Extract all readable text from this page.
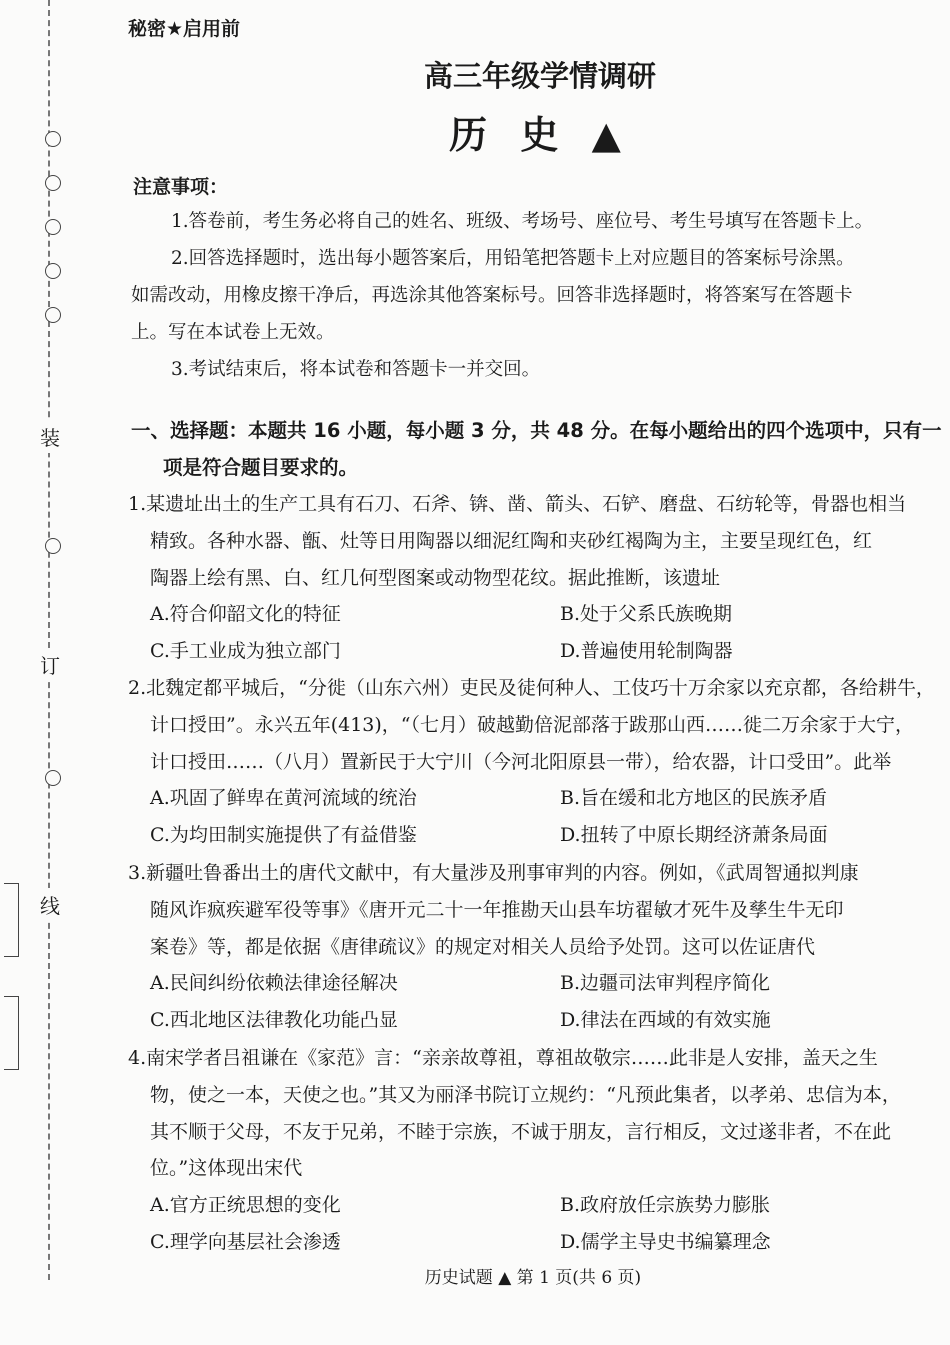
装
订
线
秘密★启用前
高三年级学情调研
历 史 ▲
注意事项：
1.答卷前，考生务必将自己的姓名、班级、考场号、座位号、考生号填写在答题卡上。
2.回答选择题时，选出每小题答案后，用铅笔把答题卡上对应题目的答案标号涂黑。
如需改动，用橡皮擦干净后，再选涂其他答案标号。回答非选择题时，将答案写在答题卡
上。写在本试卷上无效。
3.考试结束后，将本试卷和答题卡一并交回。
一、选择题：本题共 16 小题，每小题 3 分，共 48 分。在每小题给出的四个选项中，只有一
项是符合题目要求的。
1.某遗址出土的生产工具有石刀、石斧、锛、凿、箭头、石铲、磨盘、石纺轮等，骨器也相当
精致。各种水器、甑、灶等日用陶器以细泥红陶和夹砂红褐陶为主，主要呈现红色，红
陶器上绘有黑、白、红几何型图案或动物型花纹。据此推断，该遗址
A.符合仰韶文化的特征	B.处于父系氏族晚期
C.手工业成为独立部门	D.普遍使用轮制陶器
2.北魏定都平城后，“分徙（山东六州）吏民及徒何种人、工伎巧十万余家以充京都，各给耕牛，
计口授田”。永兴五年(413)，“（七月）破越勤倍泥部落于跋那山西……徙二万余家于大宁，
计口授田……（八月）置新民于大宁川（今河北阳原县一带），给农器，计口受田”。此举
A.巩固了鲜卑在黄河流域的统治	B.旨在缓和北方地区的民族矛盾
C.为均田制实施提供了有益借鉴	D.扭转了中原长期经济萧条局面
3.新疆吐鲁番出土的唐代文献中，有大量涉及刑事审判的内容。例如，《武周智通拟判康
随风诈疯疾避军役等事》《唐开元二十一年推勘天山县车坊翟敏才死牛及孳生牛无印
案卷》等，都是依据《唐律疏议》的规定对相关人员给予处罚。这可以佐证唐代
A.民间纠纷依赖法律途径解决	B.边疆司法审判程序简化
C.西北地区法律教化功能凸显	D.律法在西域的有效实施
4.南宋学者吕祖谦在《家范》言：“亲亲故尊祖，尊祖故敬宗……此非是人安排，盖天之生
物，使之一本，天使之也。”其又为丽泽书院订立规约：“凡预此集者，以孝弟、忠信为本，
其不顺于父母，不友于兄弟，不睦于宗族，不诚于朋友，言行相反，文过遂非者，不在此
位。”这体现出宋代
A.官方正统思想的变化	B.政府放任宗族势力膨胀
C.理学向基层社会渗透	D.儒学主导史书编纂理念
历史试题 ▲ 第 1 页(共 6 页)
